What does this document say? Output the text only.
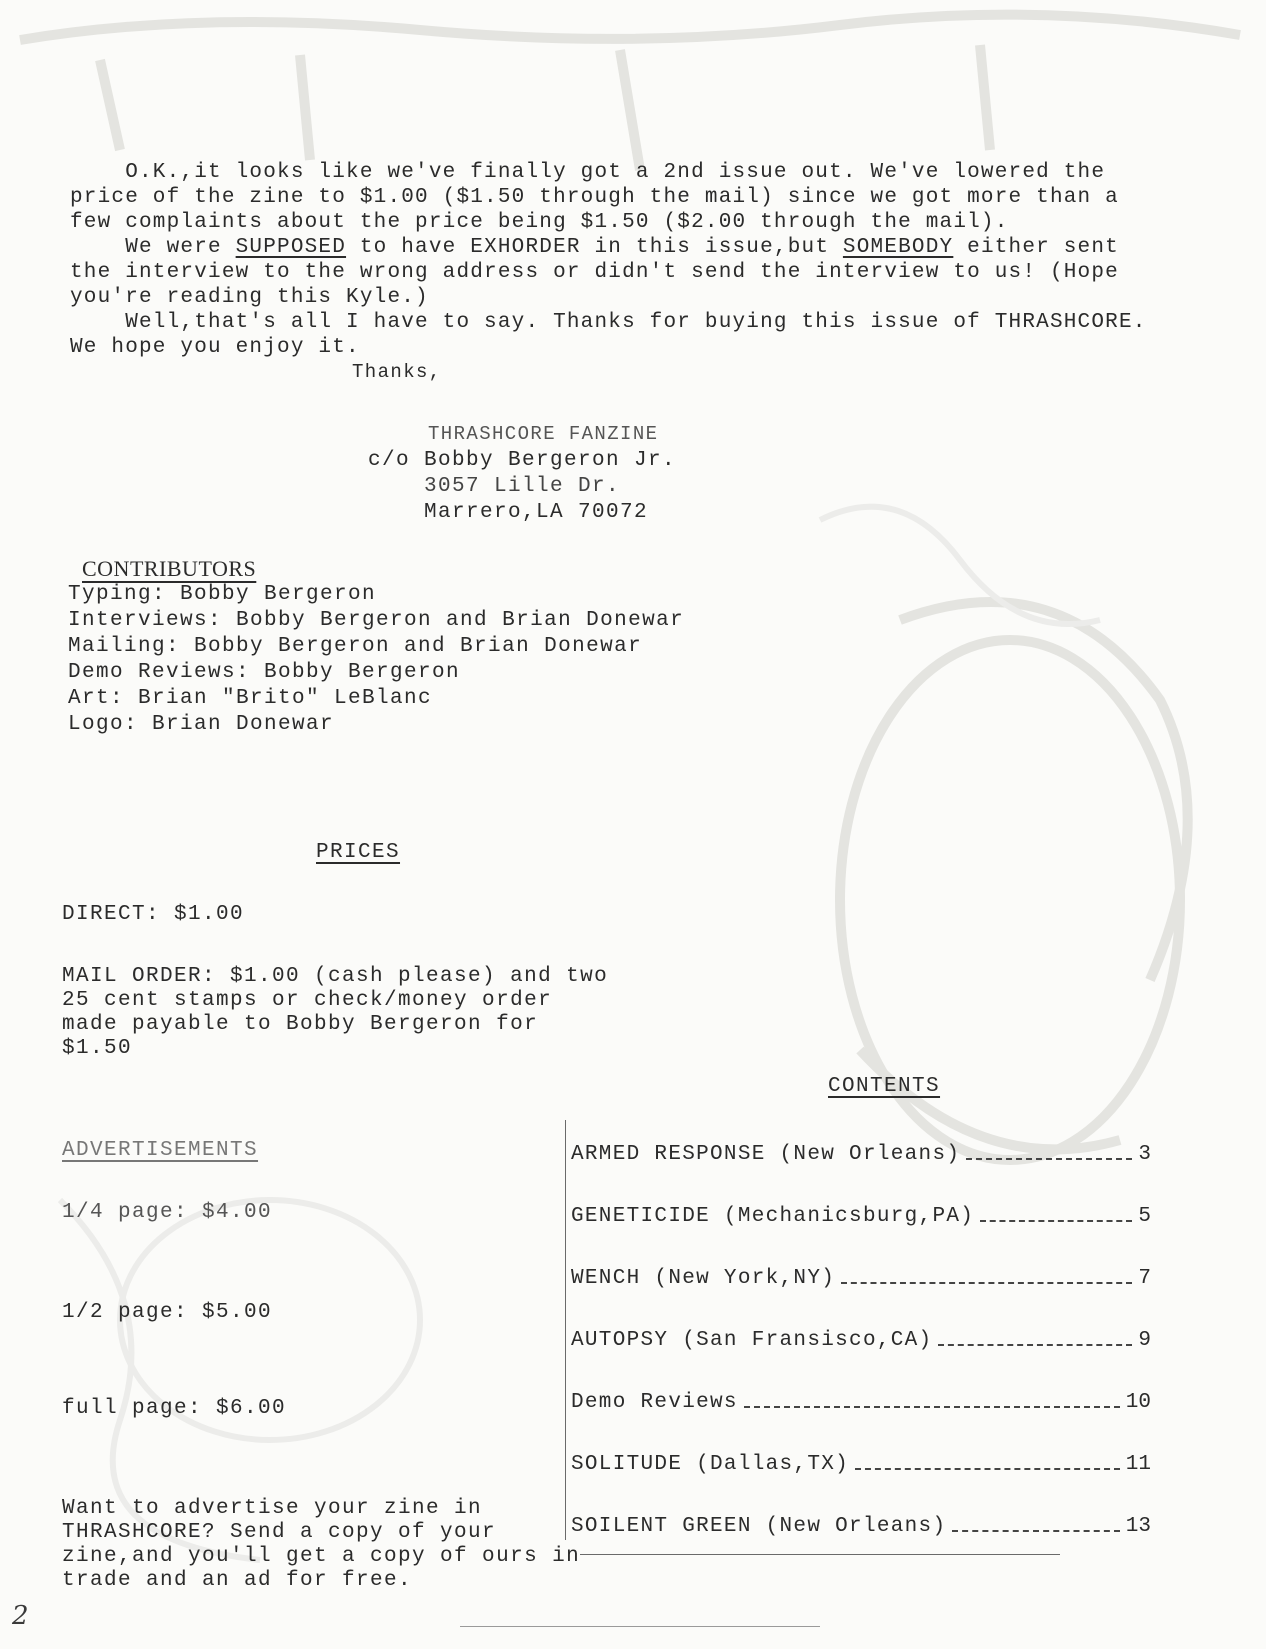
O.K.,it looks like we've finally got a 2nd issue out. We've lowered the

price of the zine to $1.00 ($1.50 through the mail) since we got more than a

few complaints about the price being $1.50 ($2.00 through the mail).

We were SUPPOSED to have EXHORDER in this issue,but SOMEBODY either sent

the interview to the wrong address or didn't send the interview to us! (Hope

you're reading this Kyle.)

Well,that's all I have to say. Thanks for buying this issue of THRASHCORE.

We hope you enjoy it.

Thanks,
THRASHCORE FANZINE
c/o Bobby Bergeron Jr.
3057 Lille Dr.
Marrero,LA 70072
CONTRIBUTORS
Typing: Bobby Bergeron
Interviews: Bobby Bergeron and Brian Donewar
Mailing: Bobby Bergeron and Brian Donewar
Demo Reviews: Bobby Bergeron
Art: Brian "Brito" LeBlanc
Logo: Brian Donewar
PRICES
DIRECT: $1.00
MAIL ORDER: $1.00 (cash please) and two
25 cent stamps or check/money order
made payable to Bobby Bergeron for
$1.50
ADVERTISEMENTS
1/4 page: $4.00
1/2 page: $5.00
full page: $6.00
Want to advertise your zine in
THRASHCORE? Send a copy of your
zine,and you'll get a copy of ours in
trade and an ad for free.
CONTENTS
ARMED RESPONSE (New Orleans)	3
GENETICIDE (Mechanicsburg,PA)	5
WENCH (New York,NY)	7
AUTOPSY (San Fransisco,CA)	9
Demo Reviews	10
SOLITUDE (Dallas,TX)	11
SOILENT GREEN (New Orleans)	13
2
